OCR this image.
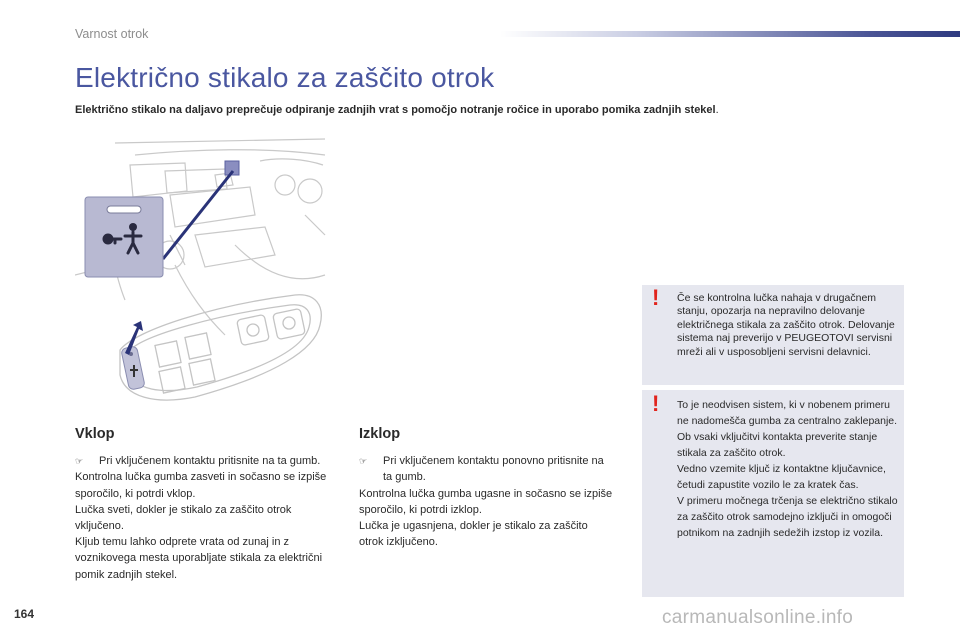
Varnost otrok
Električno stikalo za zaščito otrok
Električno stikalo na daljavo preprečuje odpiranje zadnjih vrat s pomočjo notranje ročice in uporabo pomika zadnjih stekel.
Vklop
☞	Pri vključenem kontaktu pritisnite na ta gumb.

Kontrolna lučka gumba zasveti in sočasno se izpiše sporočilo, ki potrdi vklop.

Lučka sveti, dokler je stikalo za zaščito otrok vključeno.

Kljub temu lahko odprete vrata od zunaj in z voznikovega mesta uporabljate stikala za električni pomik zadnjih stekel.

Izklop
☞	Pri vključenem kontaktu ponovno pritisnite na ta gumb.

Kontrolna lučka gumba ugasne in sočasno se izpiše sporočilo, ki potrdi izklop.

Lučka je ugasnjena, dokler je stikalo za zaščito otrok izključeno.

!	Če se kontrolna lučka nahaja v drugačnem stanju, opozarja na nepravilno delovanje električnega stikala za zaščito otrok. Delovanje sistema naj preverijo v PEUGEOTOVI servisni mreži ali v usposobljeni servisni delavnici.
!	To je neodvisen sistem, ki v nobenem primeru ne nadomešča gumba za centralno zaklepanje.

Ob vsaki vključitvi kontakta preverite stanje stikala za zaščito otrok.

Vedno vzemite ključ iz kontaktne ključavnice, četudi zapustite vozilo le za kratek čas.

V primeru močnega trčenja se električno stikalo za zaščito otrok samodejno izključi in omogoči potnikom na zadnjih sedežih izstop iz vozila.

164	carmanualsonline.info
